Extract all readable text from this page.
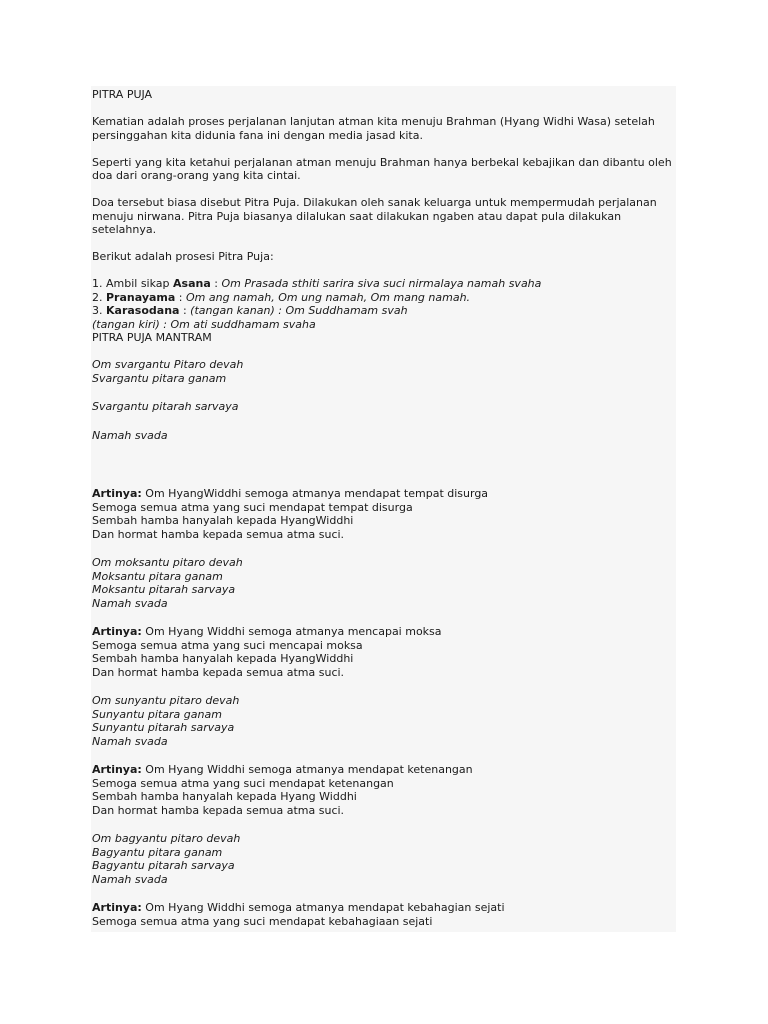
PITRA PUJA

Kematian adalah proses perjalanan lanjutan atman kita menuju Brahman (Hyang Widhi Wasa) setelah persinggahan kita didunia fana ini dengan media jasad kita.

Seperti yang kita ketahui perjalanan atman menuju Brahman hanya berbekal kebajikan dan dibantu oleh doa dari orang-orang yang kita cintai.

Doa tersebut biasa disebut Pitra Puja. Dilakukan oleh sanak keluarga untuk mempermudah perjalanan menuju nirwana. Pitra Puja biasanya dilalukan saat dilakukan ngaben atau dapat pula dilakukan setelahnya.

Berikut adalah prosesi Pitra Puja:

1. Ambil sikap Asana : Om Prasada sthiti sarira siva suci nirmalaya namah svaha

2. Pranayama : Om ang namah, Om ung namah, Om mang namah.

3. Karasodana : (tangan kanan) : Om Suddhamam svah

(tangan kiri) : Om ati suddhamam svaha

PITRA PUJA MANTRAM

Om svargantu Pitaro devah

Svargantu pitara ganam

Svargantu pitarah sarvaya

Namah svada

Artinya: Om HyangWiddhi semoga atmanya mendapat tempat disurga

Semoga semua atma yang suci mendapat tempat disurga

Sembah hamba hanyalah kepada HyangWiddhi

Dan hormat hamba kepada semua atma suci.

Om moksantu pitaro devah

Moksantu pitara ganam

Moksantu pitarah sarvaya

Namah svada

Artinya: Om Hyang Widdhi semoga atmanya mencapai moksa

Semoga semua atma yang suci mencapai moksa

Sembah hamba hanyalah kepada HyangWiddhi

Dan hormat hamba kepada semua atma suci.

Om sunyantu pitaro devah

Sunyantu pitara ganam

Sunyantu pitarah sarvaya

Namah svada

Artinya: Om Hyang Widdhi semoga atmanya mendapat ketenangan

Semoga semua atma yang suci mendapat ketenangan

Sembah hamba hanyalah kepada Hyang Widdhi

Dan hormat hamba kepada semua atma suci.

Om bagyantu pitaro devah

Bagyantu pitara ganam

Bagyantu pitarah sarvaya

Namah svada

Artinya: Om Hyang Widdhi semoga atmanya mendapat kebahagian sejati

Semoga semua atma yang suci mendapat kebahagiaan sejati
